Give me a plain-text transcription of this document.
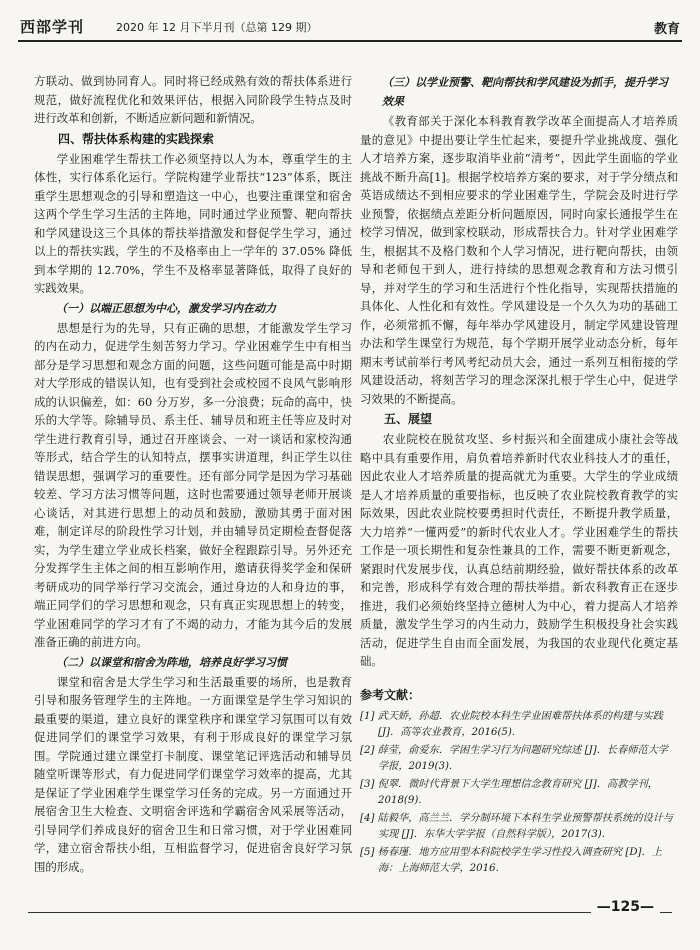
西部学刊	2020 年 12 月下半月刊（总第 129 期）	教育

方联动、做到协同育人。同时将已经成熟有效的帮扶体系进行规范，做好流程优化和效果评估，根据入同阶段学生特点及时进行改革和创新，不断适应新问题和新情况。

四、帮扶体系构建的实践探索

学业困难学生帮扶工作必须坚持以人为本，尊重学生的主体性，实行体系化运行。学院构建学业帮扶“123”体系，既注重学生思想观念的引导和塑造这一中心，也要注重课堂和宿舍这两个学生学习生活的主阵地，同时通过学业预警、靶向帮扶和学风建设这三个具体的帮扶举措激发和督促学生学习，通过以上的帮扶实践，学生的不及格率由上一学年的 37.05% 降低到本学期的 12.70%，学生不及格率显著降低，取得了良好的实践效果。

（一）以端正思想为中心，激发学习内在动力

思想是行为的先导，只有正确的思想，才能激发学生学习的内在动力，促进学生刻苦努力学习。学业困难学生中有相当部分是学习思想和观念方面的问题，这些问题可能是高中时期对大学形成的错误认知，也有受到社会或校园不良风气影响形成的认识偏差，如：60 分万岁，多一分浪费；玩命的高中，快乐的大学等。除辅导员、系主任、辅导员和班主任等应及时对学生进行教育引导，通过召开座谈会、一对一谈话和家校沟通等形式，结合学生的认知特点，摆事实讲道理，纠正学生以往错误思想，强调学习的重要性。还有部分同学是因为学习基础较差、学习方法习惯等问题，这时也需要通过领导老师开展谈心谈话，对其进行思想上的动员和鼓励，激励其勇于面对困难，制定详尽的阶段性学习计划，并由辅导员定期检查督促落实，为学生建立学业成长档案，做好全程跟踪引导。另外还充分发挥学生主体之间的相互影响作用，邀请获得奖学金和保研考研成功的同学举行学习交流会，通过身边的人和身边的事，端正同学们的学习思想和观念，只有真正实现思想上的转变，学业困难同学的学习才有了不竭的动力，才能为其今后的发展准备正确的前进方向。

（二）以课堂和宿舍为阵地，培养良好学习习惯

课堂和宿舍是大学生学习和生活最重要的场所，也是教育引导和服务管理学生的主阵地。一方面课堂是学生学习知识的最重要的渠道，建立良好的课堂秩序和课堂学习氛围可以有效促进同学们的课堂学习效果，有利于形成良好的课堂学习氛围。学院通过建立课堂打卡制度、课堂笔记评选活动和辅导员随堂听课等形式，有力促进同学们课堂学习效率的提高，尤其是保证了学业困难学生课堂学习任务的完成。另一方面通过开展宿舍卫生大检查、文明宿舍评选和学霸宿舍风采展等活动，引导同学们养成良好的宿舍卫生和日常习惯，对于学业困难同学，建立宿舍帮扶小组，互相监督学习，促进宿舍良好学习氛围的形成。

（三）以学业预警、靶向帮扶和学风建设为抓手，提升学习效果

《教育部关于深化本科教育教学改革全面提高人才培养质量的意见》中提出要让学生忙起来，要提升学业挑战度、强化人才培养方案，逐步取消毕业前“清考”，因此学生面临的学业挑战不断升高[1]。根据学校培养方案的要求，对于学分绩点和英语成绩达不到相应要求的学业困难学生，学院会及时进行学业预警，依据绩点差距分析问题原因，同时向家长通报学生在校学习情况，做到家校联动，形成帮扶合力。针对学业困难学生，根据其不及格门数和个人学习情况，进行靶向帮扶，由领导和老师包干到人，进行持续的思想观念教育和方法习惯引导，并对学生的学习和生活进行个性化指导，实现帮扶措施的具体化、人性化和有效性。学风建设是一个久久为功的基础工作，必须常抓不懈，每年举办学风建设月，制定学风建设管理办法和学生课堂行为规范，每个学期开展学业动态分析，每年期末考试前举行考风考纪动员大会，通过一系列互相衔接的学风建设活动，将刻苦学习的理念深深扎根于学生心中，促进学习效果的不断提高。

五、展望

农业院校在脱贫攻坚、乡村振兴和全面建成小康社会等战略中具有重要作用，肩负着培养新时代农业科技人才的重任，因此农业人才培养质量的提高就尤为重要。大学生的学业成绩是人才培养质量的重要指标，也反映了农业院校教育教学的实际效果，因此农业院校要勇担时代责任，不断提升教学质量，大力培养“一懂两爱”的新时代农业人才。学业困难学生的帮扶工作是一项长期性和复杂性兼具的工作，需要不断更新观念，紧跟时代发展步伐，认真总结前期经验，做好帮扶体系的改革和完善，形成科学有效合理的帮扶举措。新农科教育正在逐步推进，我们必须始终坚持立德树人为中心，着力提高人才培养质量，激发学生学习的内生动力，鼓励学生积极投身社会实践活动，促进学生自由而全面发展，为我国的农业现代化奠定基础。

参考文献：
[1] 武天娇，孙超．农业院校本科生学业困难帮扶体系的构建与实践 [J]．高等农业教育，2016(5).
[2] 薛莹，俞爱东．学困生学习行为问题研究综述 [J]．长春师范大学学报，2019(3).
[3] 倪翠．微时代背景下大学生理想信念教育研究 [J]．高教学刊，2018(9).
[4] 陆毅华，高兰兰．学分制环境下本科生学业预警帮扶系统的设计与实现 [J]．东华大学学报（自然科学版），2017(3).
[5] 杨春瑾．地方应用型本科院校学生学习性投入调查研究 [D]．上海：上海师范大学，2016.
—125—
